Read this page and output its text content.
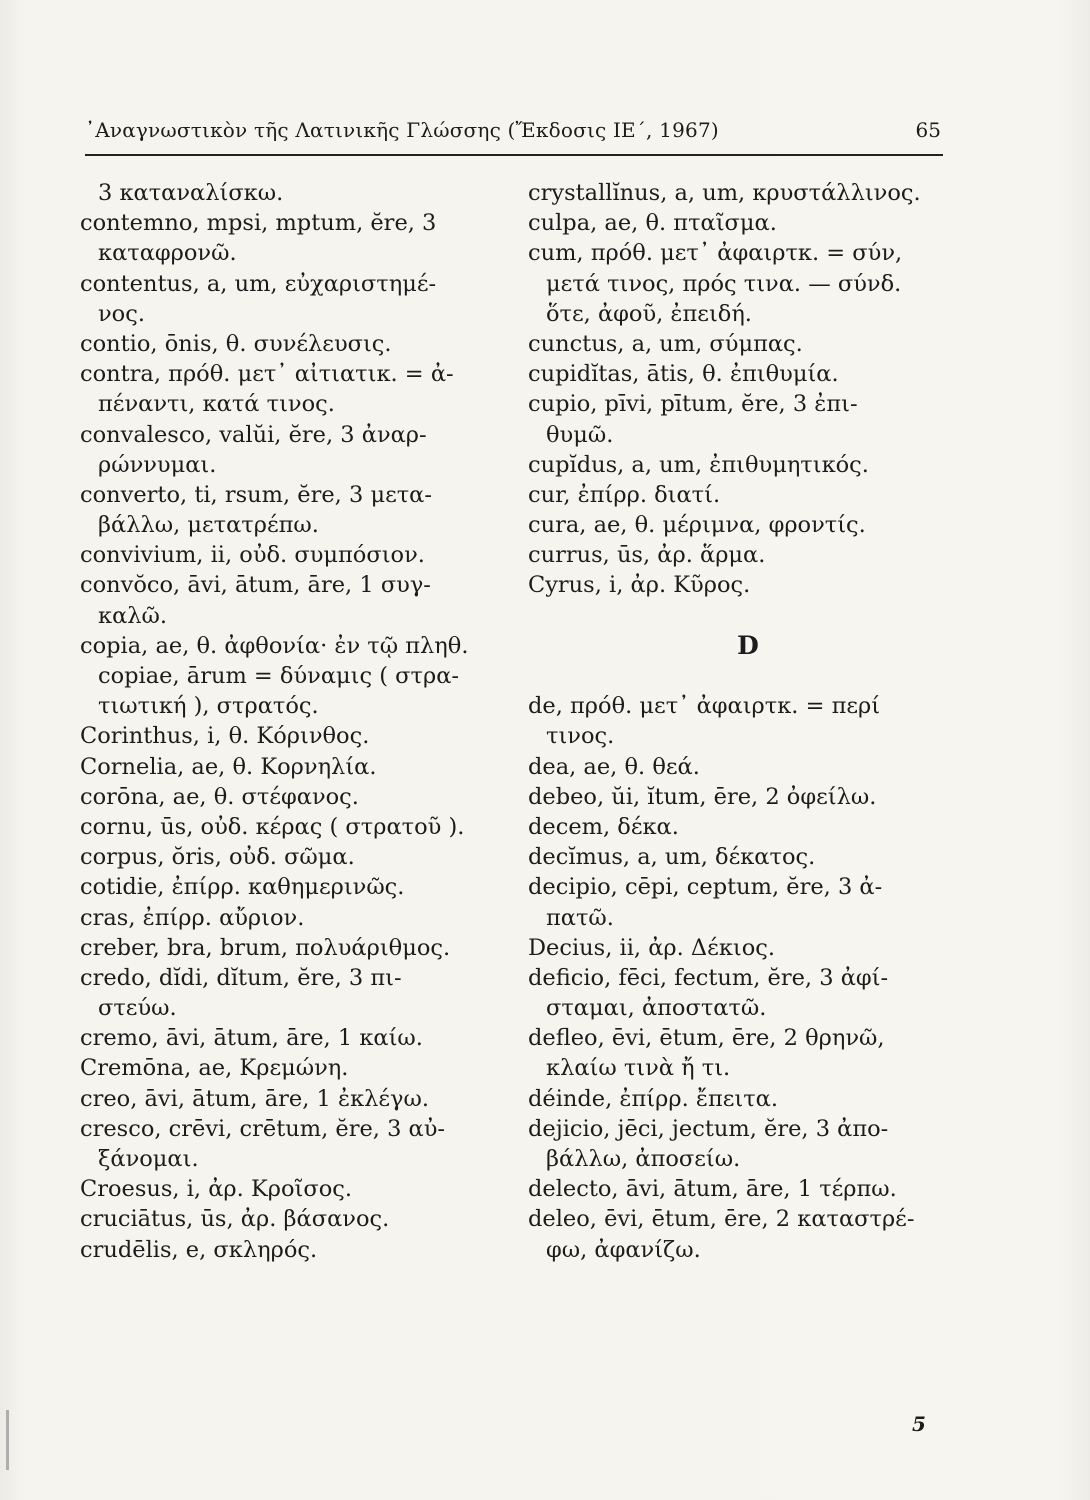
᾿Αναγνωστικὸν τῆς Λατινικῆς Γλώσσης (Ἔκδοσις ΙΕ΄, 1967)	65
3 καταναλίσκω.
contemno, mpsi, mptum, ĕre, 3
καταφρονῶ.
contentus, a, um, εὐχαριστημέ-
νος.
contio, ōnis, θ. συνέλευσις.
contra, πρόθ. μετ᾽ αἰτιατικ. = ἀ-
πέναντι, κατά τινος.
convalesco, valŭi, ĕre, 3 ἀναρ-
ρώννυμαι.
converto, ti, rsum, ĕre, 3 μετα-
βάλλω, μετατρέπω.
convivium, ii, οὐδ. συμπόσιον.
convŏco, āvi, ātum, āre, 1 συγ-
καλῶ.
copia, ae, θ. ἀφθονία· ἐν τῷ πληθ.
copiae, ārum = δύναμις ( στρα-
τιωτική ), στρατός.
Corinthus, i, θ. Κόρινθος.
Cornelia, ae, θ. Κορνηλία.
corōna, ae, θ. στέφανος.
cornu, ūs, οὐδ. κέρας ( στρατοῦ ).
corpus, ŏris, οὐδ. σῶμα.
cotidie, ἐπίρρ. καθημερινῶς.
cras, ἐπίρρ. αὔριον.
creber, bra, brum, πολυάριθμος.
credo, dĭdi, dĭtum, ĕre, 3 πι-
στεύω.
cremo, āvi, ātum, āre, 1 καίω.
Cremōna, ae, Κρεμώνη.
creo, āvi, ātum, āre, 1 ἐκλέγω.
cresco, crēvi, crētum, ĕre, 3 αὐ-
ξάνομαι.
Croesus, i, ἀρ. Κροῖσος.
cruciātus, ūs, ἀρ. βάσανος.
crudēlis, e, σκληρός.
crystallĭnus, a, um, κρυστάλλινος.
culpa, ae, θ. πταῖσμα.
cum, πρόθ. μετ᾽ ἀφαιρτκ. = σύν,
μετά τινος, πρός τινα. — σύνδ.
ὅτε, ἀφοῦ, ἐπειδή.
cunctus, a, um, σύμπας.
cupidĭtas, ātis, θ. ἐπιθυμία.
cupio, pīvi, pītum, ĕre, 3 ἐπι-
θυμῶ.
cupĭdus, a, um, ἐπιθυμητικός.
cur, ἐπίρρ. διατί.
cura, ae, θ. μέριμνα, φροντίς.
currus, ūs, ἀρ. ἅρμα.
Cyrus, i, ἀρ. Κῦρος.
D
de, πρόθ. μετ᾽ ἀφαιρτκ. = περί
τινος.
dea, ae, θ. θεά.
debeo, ŭi, ĭtum, ēre, 2 ὀφείλω.
decem, δέκα.
decĭmus, a, um, δέκατος.
decipio, cēpi, ceptum, ĕre, 3 ἀ-
πατῶ.
Decius, ii, ἀρ. Δέκιος.
deficio, fēci, fectum, ĕre, 3 ἀφί-
σταμαι, ἀποστατῶ.
defleo, ēvi, ētum, ēre, 2 θρηνῶ,
κλαίω τινὰ ἤ τι.
déinde, ἐπίρρ. ἔπειτα.
dejicio, jēci, jectum, ĕre, 3 ἀπο-
βάλλω, ἀποσείω.
delecto, āvi, ātum, āre, 1 τέρπω.
deleo, ēvi, ētum, ēre, 2 καταστρέ-
φω, ἀφανίζω.
5
